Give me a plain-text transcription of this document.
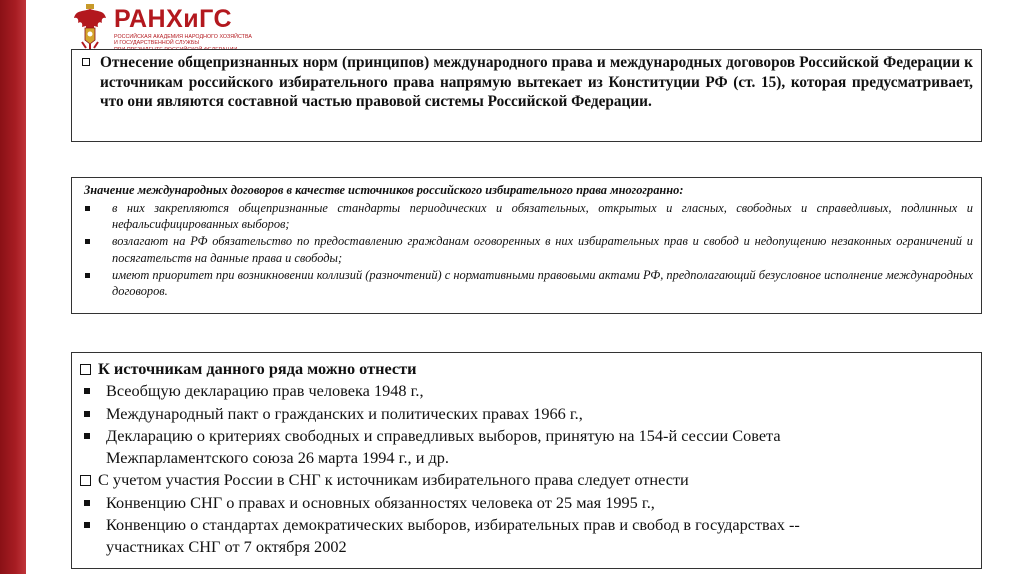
РАНХиГС
РОССИЙСКАЯ АКАДЕМИЯ НАРОДНОГО ХОЗЯЙСТВА
И ГОСУДАРСТВЕННОЙ СЛУЖБЫ

Отнесение общепризнанных норм (принципов) международного права и международных договоров Российской Федерации к источникам российского избирательного права напрямую вытекает из Конституции РФ (ст. 15), которая предусматривает, что они являются составной частью правовой системы Российской Федерации.

Значение международных договоров в качестве источников российского избирательного права многогранно:

в них закрепляются общепризнанные стандарты периодических и обязательных, открытых и гласных, свободных и справедливых, подлинных и нефальсифицированных выборов;
возлагают на РФ обязательство по предоставлению гражданам оговоренных в них избирательных прав и свобод и недопущению незаконных ограничений и посягательств на данные права и свободы;
имеют приоритет при возникновении коллизий (разночтений) с нормативными правовыми актами РФ, предполагающий безусловное исполнение международных договоров.

К источникам данного ряда можно отнести

Всеобщую декларацию прав человека 1948 г.,

Международный пакт о гражданских и политических правах 1966 г.,

Декларацию о критериях свободных и справедливых выборов, принятую на 154-й сессии Совета

Межпарламентского союза 26 марта 1994 г., и др.

С учетом участия России в СНГ к источникам избирательного права следует отнести

Конвенцию СНГ о правах и основных обязанностях человека от 25 мая 1995 г.,

Конвенцию о стандартах демократических выборов, избирательных прав и свобод в государствах --

участниках СНГ от 7 октября 2002
